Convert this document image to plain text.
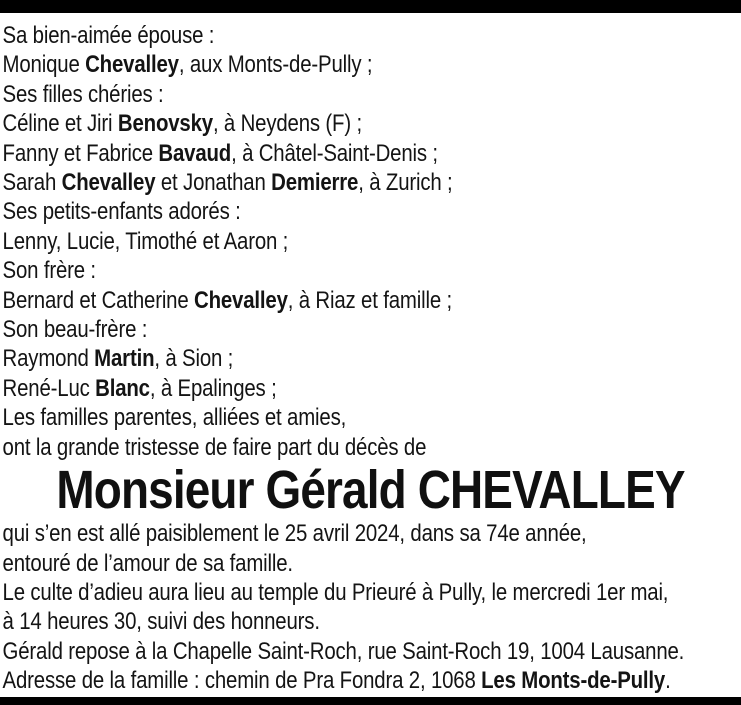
Sa bien-aimée épouse :
Monique Chevalley, aux Monts-de-Pully ;
Ses filles chéries :
Céline et Jiri Benovsky, à Neydens (F) ;
Fanny et Fabrice Bavaud, à Châtel-Saint-Denis ;
Sarah Chevalley et Jonathan Demierre, à Zurich ;
Ses petits-enfants adorés :
Lenny, Lucie, Timothé et Aaron ;
Son frère :
Bernard et Catherine Chevalley, à Riaz et famille ;
Son beau-frère :
Raymond Martin, à Sion ;
René-Luc Blanc, à Epalinges ;
Les familles parentes, alliées et amies,
ont la grande tristesse de faire part du décès de
Monsieur Gérald CHEVALLEY
qui s’en est allé paisiblement le 25 avril 2024, dans sa 74e année,
entouré de l’amour de sa famille.
Le culte d’adieu aura lieu au temple du Prieuré à Pully, le mercredi 1er mai,
à 14 heures 30, suivi des honneurs.
Gérald repose à la Chapelle Saint-Roch, rue Saint-Roch 19, 1004 Lausanne.
Adresse de la famille : chemin de Pra Fondra 2, 1068 Les Monts-de-Pully.
